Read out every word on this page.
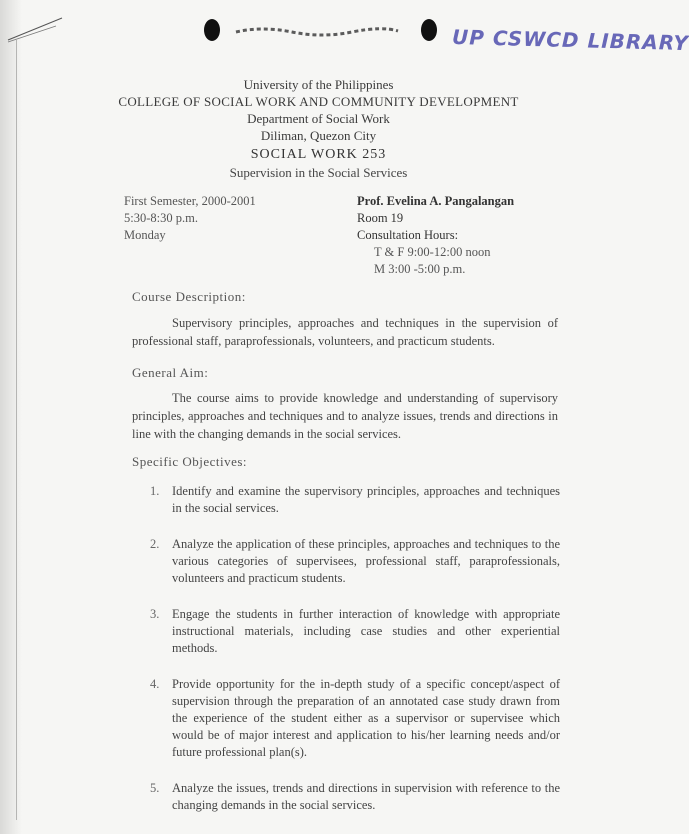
UP CSWCD LIBRARY
University of the Philippines
COLLEGE OF SOCIAL WORK AND COMMUNITY DEVELOPMENT
Department of Social Work
Diliman, Quezon City
SOCIAL WORK 253
Supervision in the Social Services
First Semester, 2000-2001
5:30-8:30 p.m.
Monday
Prof. Evelina A. Pangalangan
Room 19
Consultation Hours:
T & F 9:00-12:00 noon
M 3:00 -5:00 p.m.
Course Description:
Supervisory principles, approaches and techniques in the supervision of professional staff, paraprofessionals, volunteers, and practicum students.
General Aim:
The course aims to provide knowledge and understanding of supervisory principles, approaches and techniques and to analyze issues, trends and directions in line with the changing demands in the social services.
Specific Objectives:
1.	Identify and examine the supervisory principles, approaches and techniques in the social services.
2.	Analyze the application of these principles, approaches and techniques to the various categories of supervisees, professional staff, paraprofessionals, volunteers and practicum students.
3.	Engage the students in further interaction of knowledge with appropriate instructional materials, including case studies and other experiential methods.
4.	Provide opportunity for the in-depth study of a specific concept/aspect of supervision through the preparation of an annotated case study drawn from the experience of the student either as a supervisor or supervisee which would be of major interest and application to his/her learning needs and/or future professional plan(s).
5.	Analyze the issues, trends and directions in supervision with reference to the changing demands in the social services.
